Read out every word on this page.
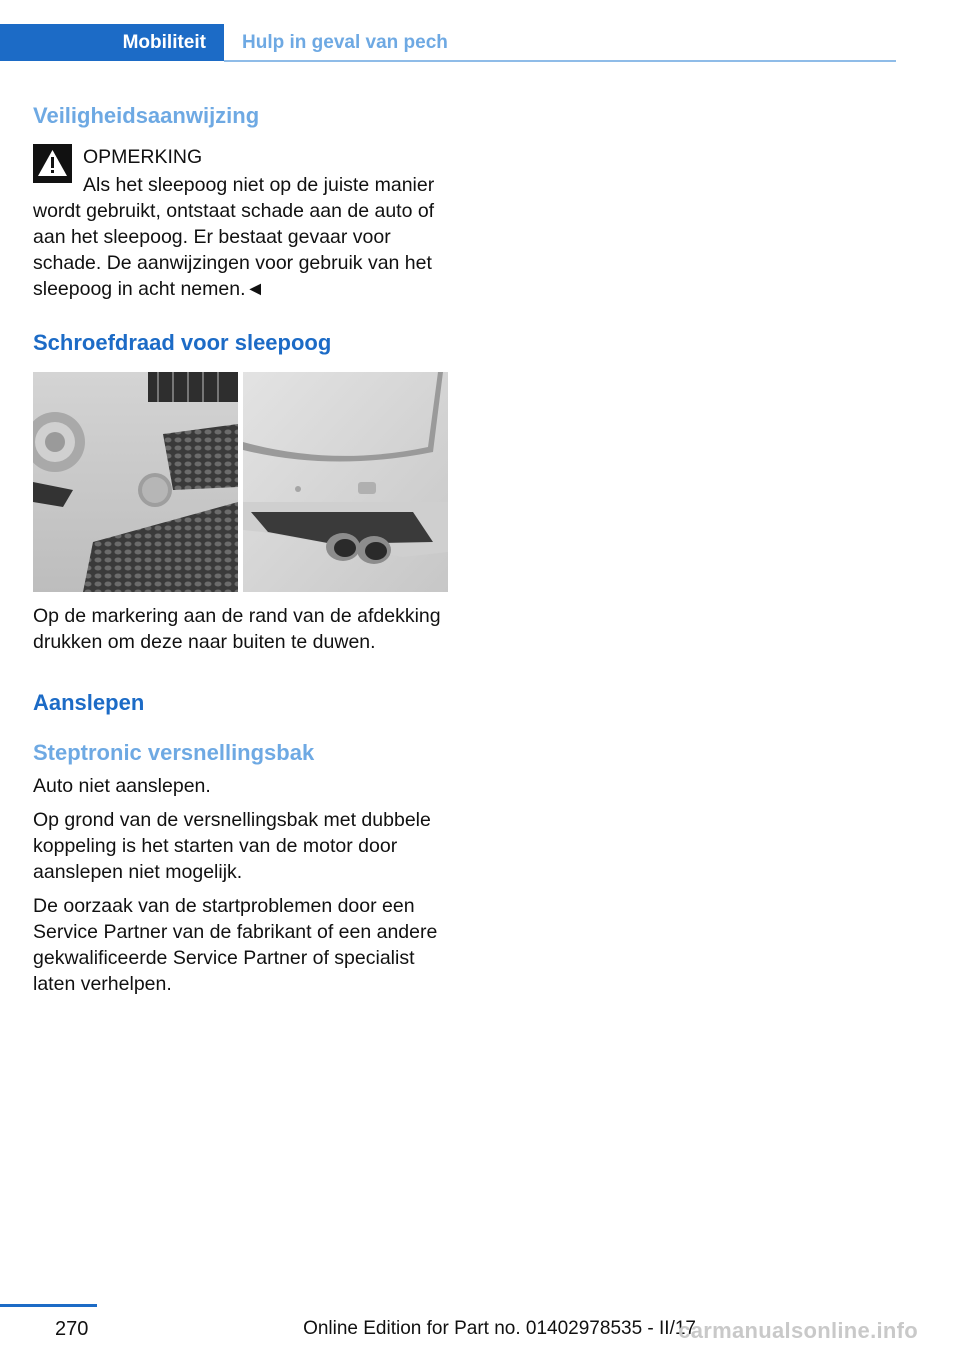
Mobiliteit	Hulp in geval van pech
Veiligheidsaanwijzing
OPMERKING

Als het sleepoog niet op de juiste manier wordt gebruikt, ontstaat schade aan de auto of aan het sleepoog. Er bestaat gevaar voor schade. De aanwijzingen voor gebruik van het sleepoog in acht nemen.◄

Schroefdraad voor sleepoog

Op de markering aan de rand van de afdekking drukken om deze naar buiten te duwen.

Aanslepen
Steptronic versnellingsbak

Auto niet aanslepen.

Op grond van de versnellingsbak met dubbele koppeling is het starten van de motor door aanslepen niet mogelijk.

De oorzaak van de startproblemen door een Service Partner van de fabrikant of een andere gekwalificeerde Service Partner of specialist laten verhelpen.

270	Online Edition for Part no. 01402978535 - II/17
carmanualsonline.info
